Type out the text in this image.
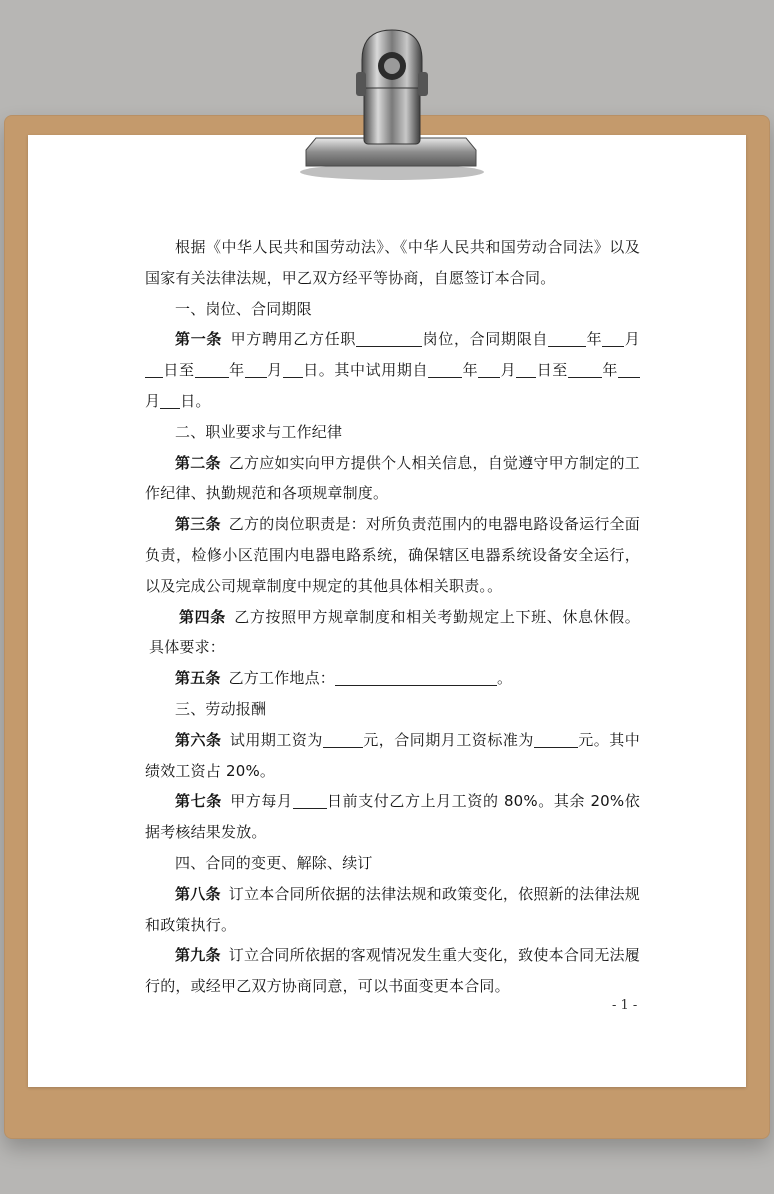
根据《中华人民共和国劳动法》、《中华人民共和国劳动合同法》以及国家有关法律法规，甲乙双方经平等协商，自愿签订本合同。

一、岗位、合同期限

第一条 甲方聘用乙方任职	岗位，合同期限自	年 月日至 年 月 日。其中试用期自 年 月 日至 年月 日。

二、职业要求与工作纪律

第二条 乙方应如实向甲方提供个人相关信息，自觉遵守甲方制定的工作纪律、执勤规范和各项规章制度。

第三条 乙方的岗位职责是：对所负责范围内的电器电路设备运行全面负责，检修小区范围内电器电路系统，确保辖区电器系统设备安全运行，以及完成公司规章制度中规定的其他具体相关职责。。

第四条 乙方按照甲方规章制度和相关考勤规定上下班、休息休假。具体要求：

第五条 乙方工作地点：	。

三、劳动报酬

第六条 试用期工资为	元，合同期月工资标准为	元。其中绩效工资占 20%。

第七条 甲方每月 日前支付乙方上月工资的 80%。其余 20%依据考核结果发放。

四、合同的变更、解除、续订

第八条 订立本合同所依据的法律法规和政策变化，依照新的法律法规和政策执行。

第九条 订立合同所依据的客观情况发生重大变化，致使本合同无法履行的，或经甲乙双方协商同意，可以书面变更本合同。

- 1 -
